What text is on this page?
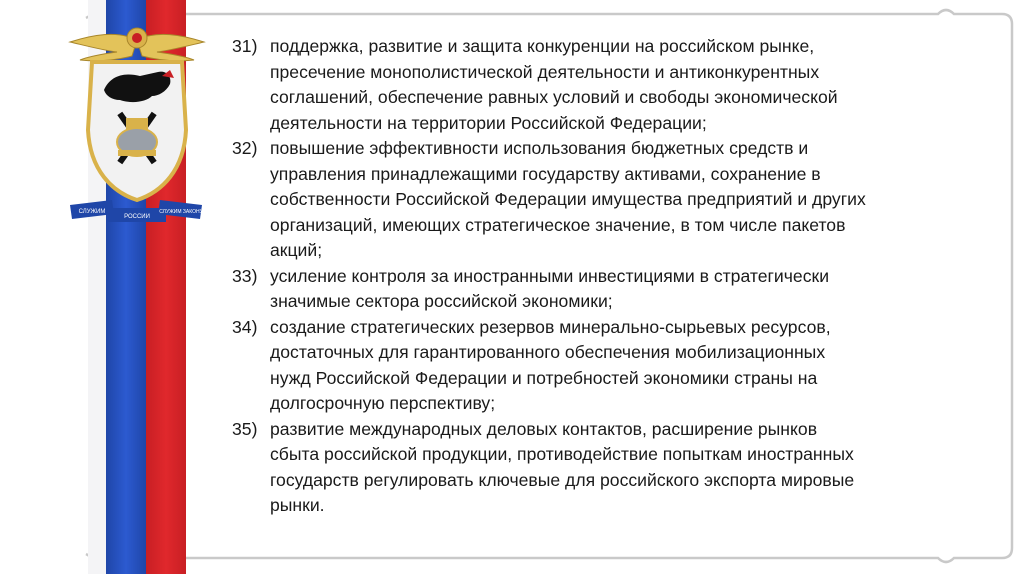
СЛУЖИМ
РОССИИ
СЛУЖИМ ЗАКОНУ
31) поддержка, развитие и защита конкуренции на российском рынке,
пресечение монополистической деятельности и антиконкурентных
соглашений, обеспечение равных условий и свободы экономической
деятельности на территории Российской Федерации;
32) повышение эффективности использования бюджетных средств и
управления принадлежащими государству активами, сохранение в
собственности Российской Федерации имущества предприятий и других
организаций, имеющих стратегическое значение, в том числе пакетов
акций;
33) усиление контроля за иностранными инвестициями в стратегически
значимые сектора российской экономики;
34) создание стратегических резервов минерально-сырьевых ресурсов,
достаточных для гарантированного обеспечения мобилизационных
нужд Российской Федерации и потребностей экономики страны на
долгосрочную перспективу;
35) развитие международных деловых контактов, расширение рынков
сбыта российской продукции, противодействие попыткам иностранных
государств регулировать ключевые для российского экспорта мировые
рынки.
